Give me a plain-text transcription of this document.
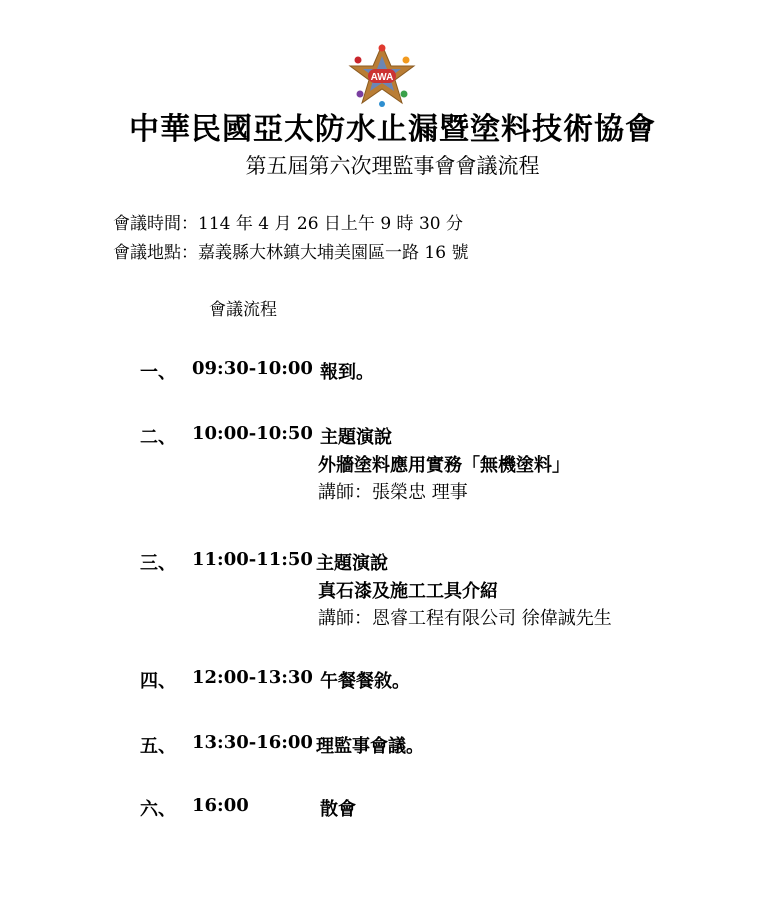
AWA
中華民國亞太防水止漏暨塗料技術協會
第五屆第六次理監事會會議流程
會議時間：114 年 4 月 26 日上午 9 時 30 分
會議地點：嘉義縣大林鎮大埔美園區一路 16 號
會議流程
一、 09:30-10:00 報到。
二、 10:00-10:50 主題演說
外牆塗料應用實務「無機塗料」
講師：張榮忠 理事
三、 11:00-11:50 主題演說
真石漆及施工工具介紹
講師：恩睿工程有限公司 徐偉誠先生
四、 12:00-13:30 午餐餐敘。
五、 13:30-16:00 理監事會議。
六、 16:00	散會
